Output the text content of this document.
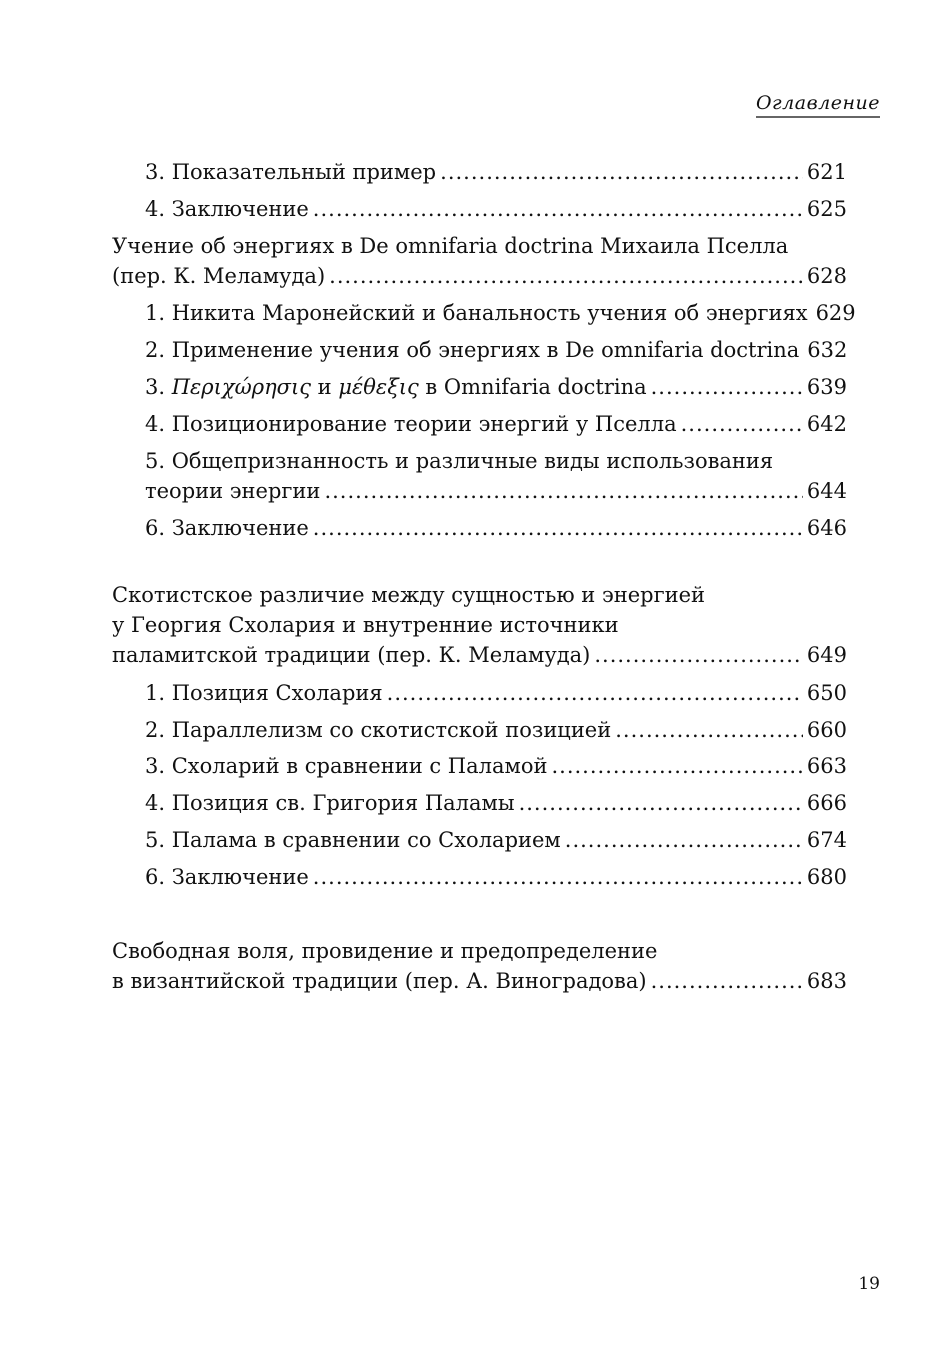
Оглавление
3. Показательный пример .....	621
4. Заключение .....	625
Учение об энергиях в De omnifaria doctrina Михаила Пселла
(пер. К. Меламуда) .....	628
1. Никита Маронейский и банальность учения об энергиях 629
2. Применение учения об энергиях в De omnifaria doctrina 632
3. Περιχώρησις и μέθεξις в Omnifaria doctrina .....	639
4. Позиционирование теории энергий у Пселла .....	642
5. Общепризнанность и различные виды использования
теории энергии .....	644
6. Заключение .....	646
Скотистское различие между сущностью и энергией
у Георгия Схолария и внутренние источники
паламитской традиции (пер. К. Меламуда) .....	649
1. Позиция Схолария .....	650
2. Параллелизм со скотистской позицией .....	660
3. Схоларий в сравнении с Паламой .....	663
4. Позиция св. Григория Паламы .....	666
5. Палама в сравнении со Схоларием .....	674
6. Заключение .....	680
Свободная воля, провидение и предопределение
в византийской традиции (пер. А. Виноградова) .....	683
19
